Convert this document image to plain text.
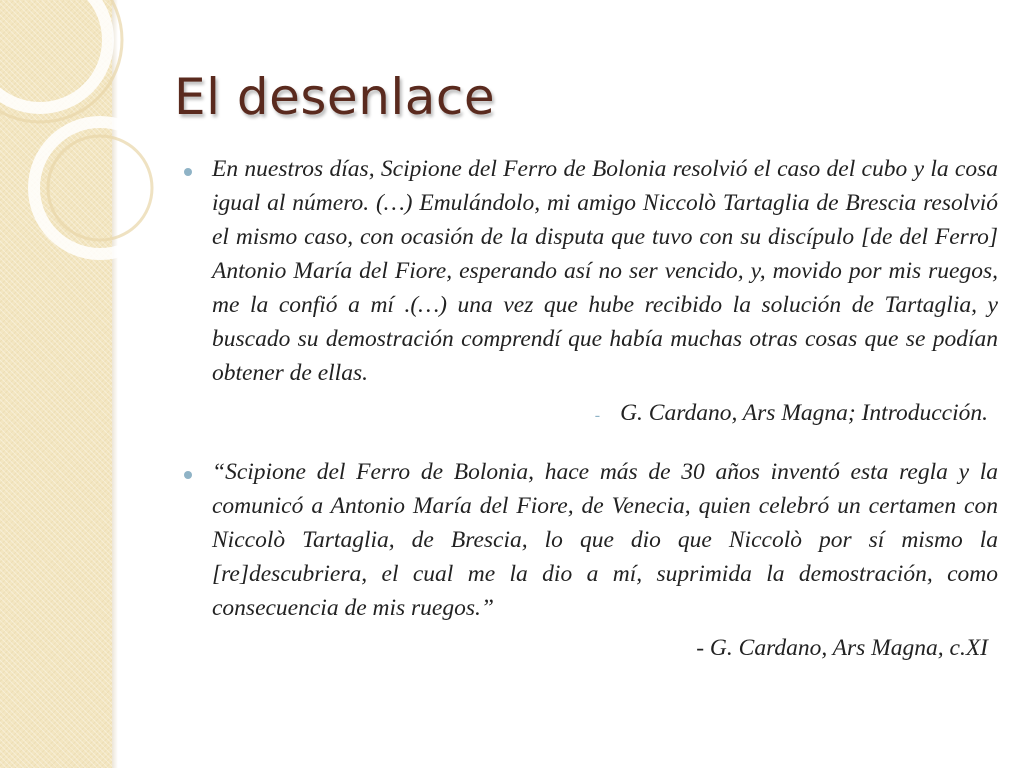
El desenlace

En nuestros días, Scipione del Ferro de Bolonia resolvió el caso del cubo y la cosa igual al número. (…) Emulándolo, mi amigo Niccolò Tartaglia de Brescia resolvió el mismo caso, con ocasión de la disputa que tuvo con su discípulo [de del Ferro] Antonio María del Fiore, esperando así no ser vencido, y, movido por mis ruegos, me la confió a mí .(…) una vez que hube recibido la solución de Tartaglia, y buscado su demostración comprendí que había muchas otras cosas que se podían obtener de ellas.

- G. Cardano, Ars Magna; Introducción.

“Scipione del Ferro de Bolonia, hace más de 30 años inventó esta regla y la comunicó a Antonio María del Fiore, de Venecia, quien celebró un certamen con Niccolò Tartaglia, de Brescia, lo que dio que Niccolò por sí mismo la [re]descubriera, el cual me la dio a mí, suprimida la demostración, como consecuencia de mis ruegos.”

- G. Cardano, Ars Magna, c.XI
